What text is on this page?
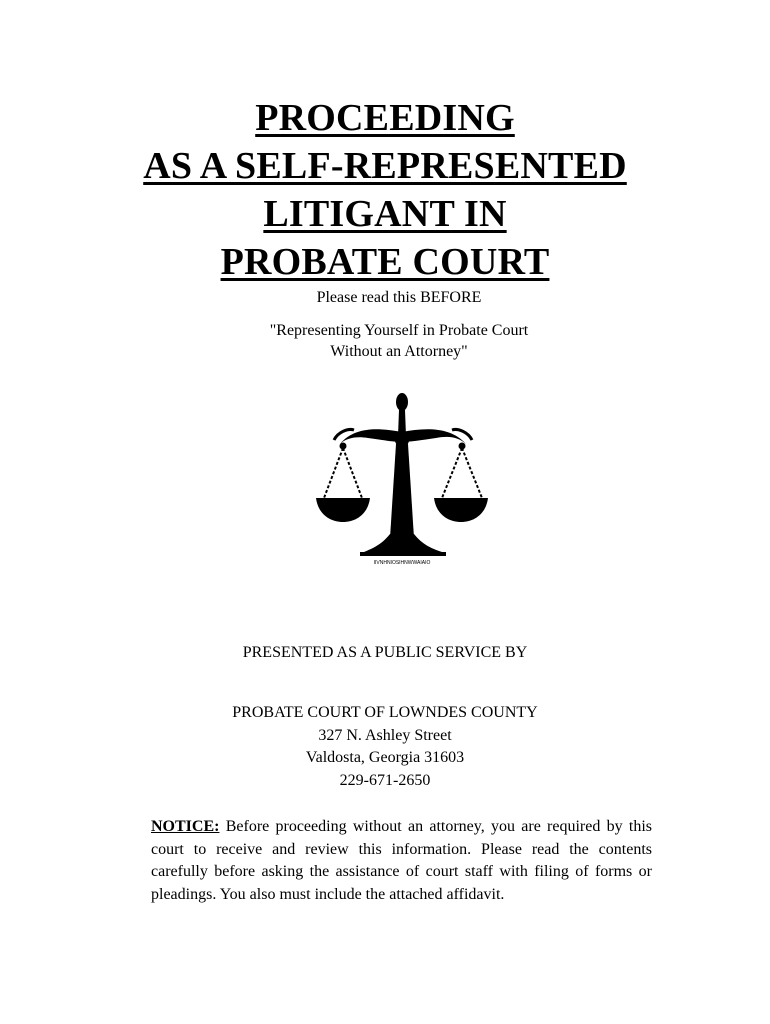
PROCEEDING
AS A SELF-REPRESENTED
LITIGANT IN
PROBATE COURT
Please read this BEFORE
"Representing Yourself in Probate Court
Without an Attorney"
IIVNHNIOSIHNWWAIAIO
PRESENTED AS A PUBLIC SERVICE BY
PROBATE COURT OF LOWNDES COUNTY
327 N. Ashley Street
Valdosta, Georgia 31603
229-671-2650
NOTICE: Before proceeding without an attorney, you are required by this court to receive and review this information. Please read the contents carefully before asking the assistance of court staff with filing of forms or pleadings. You also must include the attached affidavit.
